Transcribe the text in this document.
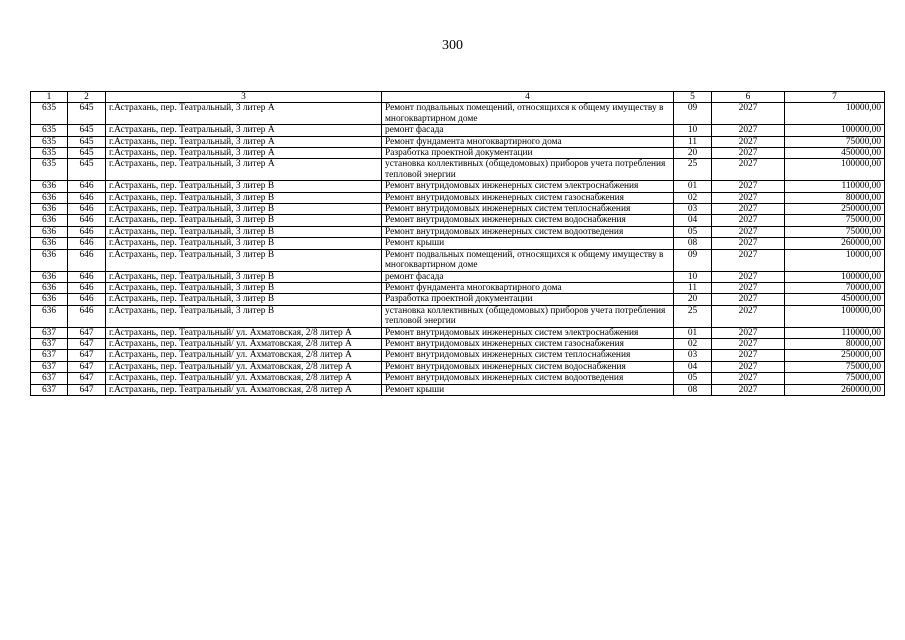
300
1	2	3	4	5	6	7
635	645	г.Астрахань, пер. Театральный, 3 литер А	Ремонт подвальных помещений, относящихся к общему имуществу в многоквартирном доме	09	2027	10000,00
635	645	г.Астрахань, пер. Театральный, 3 литер А	ремонт фасада	10	2027	100000,00
635	645	г.Астрахань, пер. Театральный, 3 литер А	Ремонт фундамента многоквартирного дома	11	2027	75000,00
635	645	г.Астрахань, пер. Театральный, 3 литер А	Разработка проектной документации	20	2027	450000,00
635	645	г.Астрахань, пер. Театральный, 3 литер А	установка коллективных (общедомовых) приборов учета потребления тепловой энергии	25	2027	100000,00
636	646	г.Астрахань, пер. Театральный, 3 литер В	Ремонт внутридомовых инженерных систем электроснабжения	01	2027	110000,00
636	646	г.Астрахань, пер. Театральный, 3 литер В	Ремонт внутридомовых инженерных систем газоснабжения	02	2027	80000,00
636	646	г.Астрахань, пер. Театральный, 3 литер В	Ремонт внутридомовых инженерных систем теплоснабжения	03	2027	250000,00
636	646	г.Астрахань, пер. Театральный, 3 литер В	Ремонт внутридомовых инженерных систем водоснабжения	04	2027	75000,00
636	646	г.Астрахань, пер. Театральный, 3 литер В	Ремонт внутридомовых инженерных систем водоотведения	05	2027	75000,00
636	646	г.Астрахань, пер. Театральный, 3 литер В	Ремонт крыши	08	2027	260000,00
636	646	г.Астрахань, пер. Театральный, 3 литер В	Ремонт подвальных помещений, относящихся к общему имуществу в многоквартирном доме	09	2027	10000,00
636	646	г.Астрахань, пер. Театральный, 3 литер В	ремонт фасада	10	2027	100000,00
636	646	г.Астрахань, пер. Театральный, 3 литер В	Ремонт фундамента многоквартирного дома	11	2027	70000,00
636	646	г.Астрахань, пер. Театральный, 3 литер В	Разработка проектной документации	20	2027	450000,00
636	646	г.Астрахань, пер. Театральный, 3 литер В	установка коллективных (общедомовых) приборов учета потребления тепловой энергии	25	2027	100000,00
637	647	г.Астрахань, пер. Театральный/ ул. Ахматовская, 2/8 литер А	Ремонт внутридомовых инженерных систем электроснабжения	01	2027	110000,00
637	647	г.Астрахань, пер. Театральный/ ул. Ахматовская, 2/8 литер А	Ремонт внутридомовых инженерных систем газоснабжения	02	2027	80000,00
637	647	г.Астрахань, пер. Театральный/ ул. Ахматовская, 2/8 литер А	Ремонт внутридомовых инженерных систем теплоснабжения	03	2027	250000,00
637	647	г.Астрахань, пер. Театральный/ ул. Ахматовская, 2/8 литер А	Ремонт внутридомовых инженерных систем водоснабжения	04	2027	75000,00
637	647	г.Астрахань, пер. Театральный/ ул. Ахматовская, 2/8 литер А	Ремонт внутридомовых инженерных систем водоотведения	05	2027	75000,00
637	647	г.Астрахань, пер. Театральный/ ул. Ахматовская, 2/8 литер А	Ремонт крыши	08	2027	260000,00
